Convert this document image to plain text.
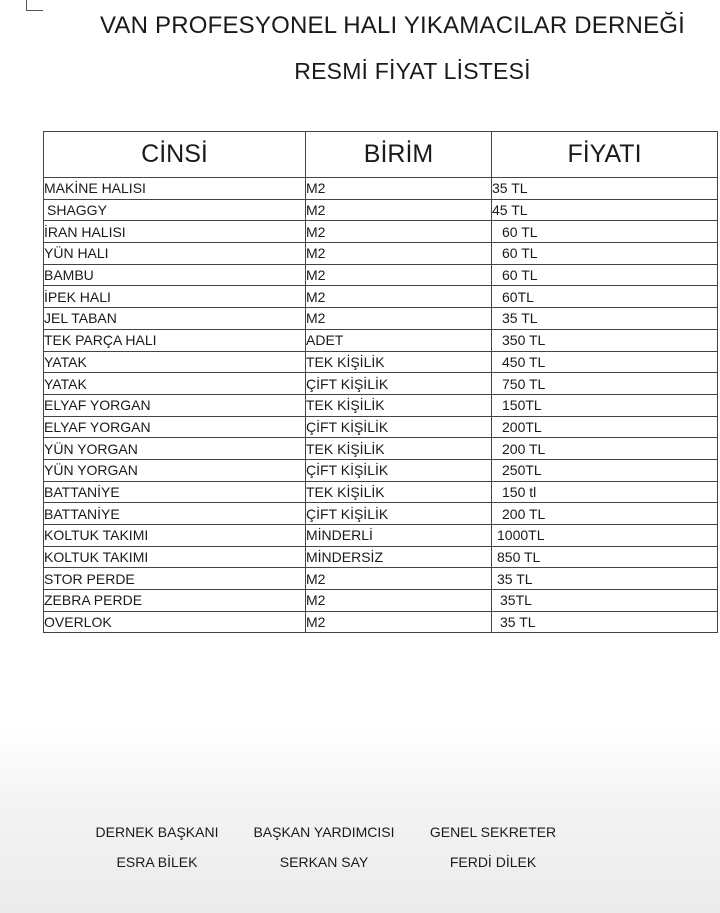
VAN PROFESYONEL HALI YIKAMACILAR DERNEĞİ
RESMİ FİYAT LİSTESİ
CİNSİ	BİRİM	FİYATI
MAKİNE HALISI	M2	35 TL
SHAGGY	M2	45 TL
İRAN HALISI	M2	60 TL
YÜN HALI	M2	60 TL
BAMBU	M2	60 TL
İPEK HALI	M2	60TL
JEL TABAN	M2	35 TL
TEK PARÇA HALI	ADET	350 TL
YATAK	TEK KİŞİLİK	450 TL
YATAK	ÇİFT KİŞİLİK	750 TL
ELYAF YORGAN	TEK KİŞİLİK	150TL
ELYAF YORGAN	ÇİFT KİŞİLİK	200TL
YÜN YORGAN	TEK KİŞİLİK	200 TL
YÜN YORGAN	ÇİFT KİŞİLİK	250TL
BATTANİYE	TEK KİŞİLİK	150 tl
BATTANİYE	ÇİFT KİŞİLİK	200 TL
KOLTUK TAKIMI	MİNDERLİ	1000TL
KOLTUK TAKIMI	MİNDERSİZ	850 TL
STOR PERDE	M2	35 TL
ZEBRA PERDE	M2	35TL
OVERLOK	M2	35 TL
DERNEK BAŞKANI	BAŞKAN YARDIMCISI	GENEL SEKRETER
ESRA BİLEK	SERKAN SAY	FERDİ DİLEK
